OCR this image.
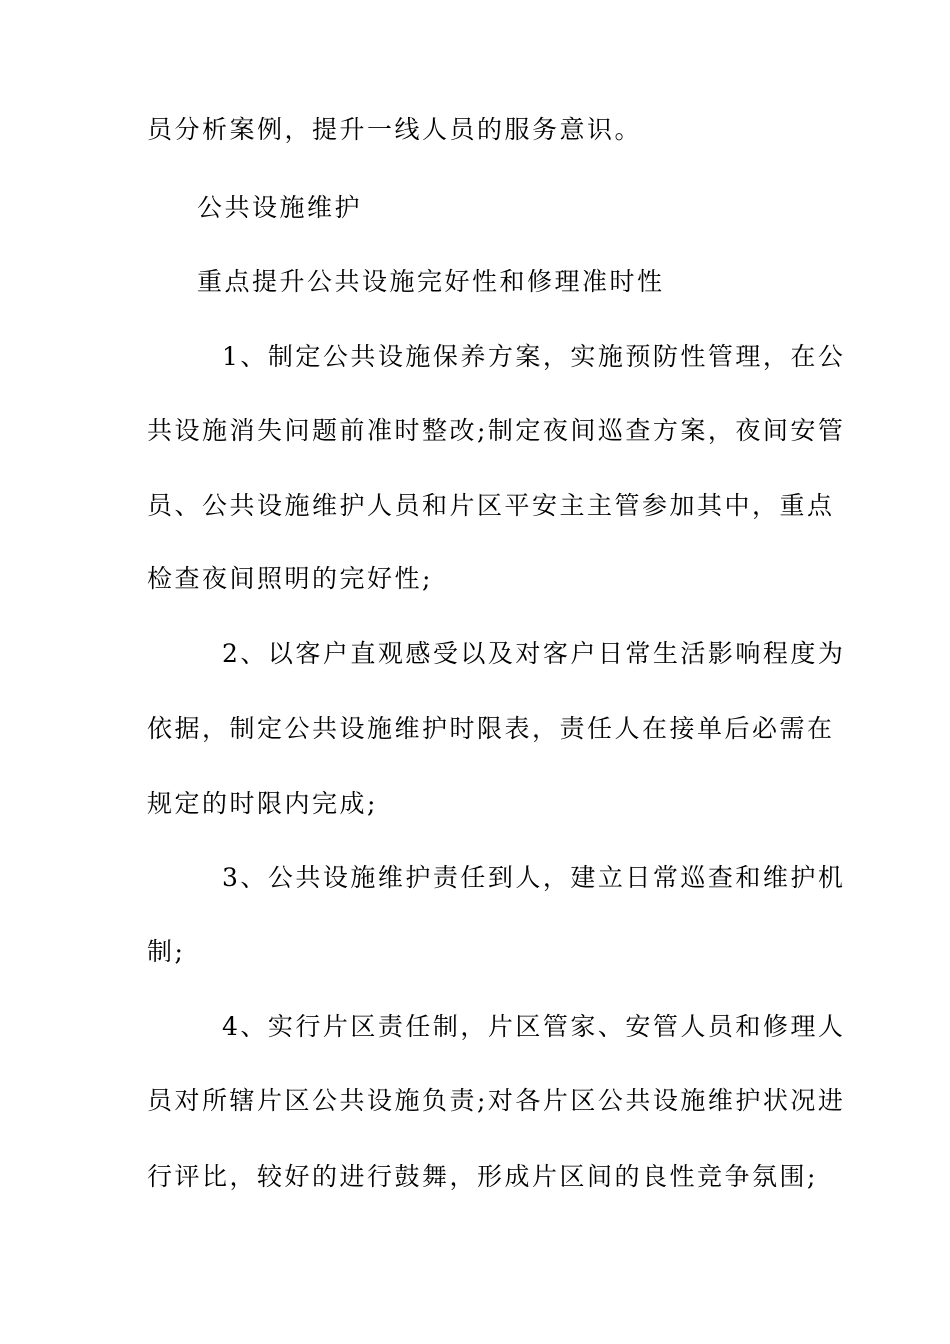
员分析案例，提升一线人员的服务意识。

公共设施维护

重点提升公共设施完好性和修理准时性

1、制定公共设施保养方案，实施预防性管理，在公

共设施消失问题前准时整改;制定夜间巡查方案，夜间安管

员、公共设施维护人员和片区平安主主管参加其中，重点

检查夜间照明的完好性;

2、以客户直观感受以及对客户日常生活影响程度为

依据，制定公共设施维护时限表，责任人在接单后必需在

规定的时限内完成;

3、公共设施维护责任到人，建立日常巡查和维护机

制;

4、实行片区责任制，片区管家、安管人员和修理人

员对所辖片区公共设施负责;对各片区公共设施维护状况进

行评比，较好的进行鼓舞，形成片区间的良性竞争氛围;
